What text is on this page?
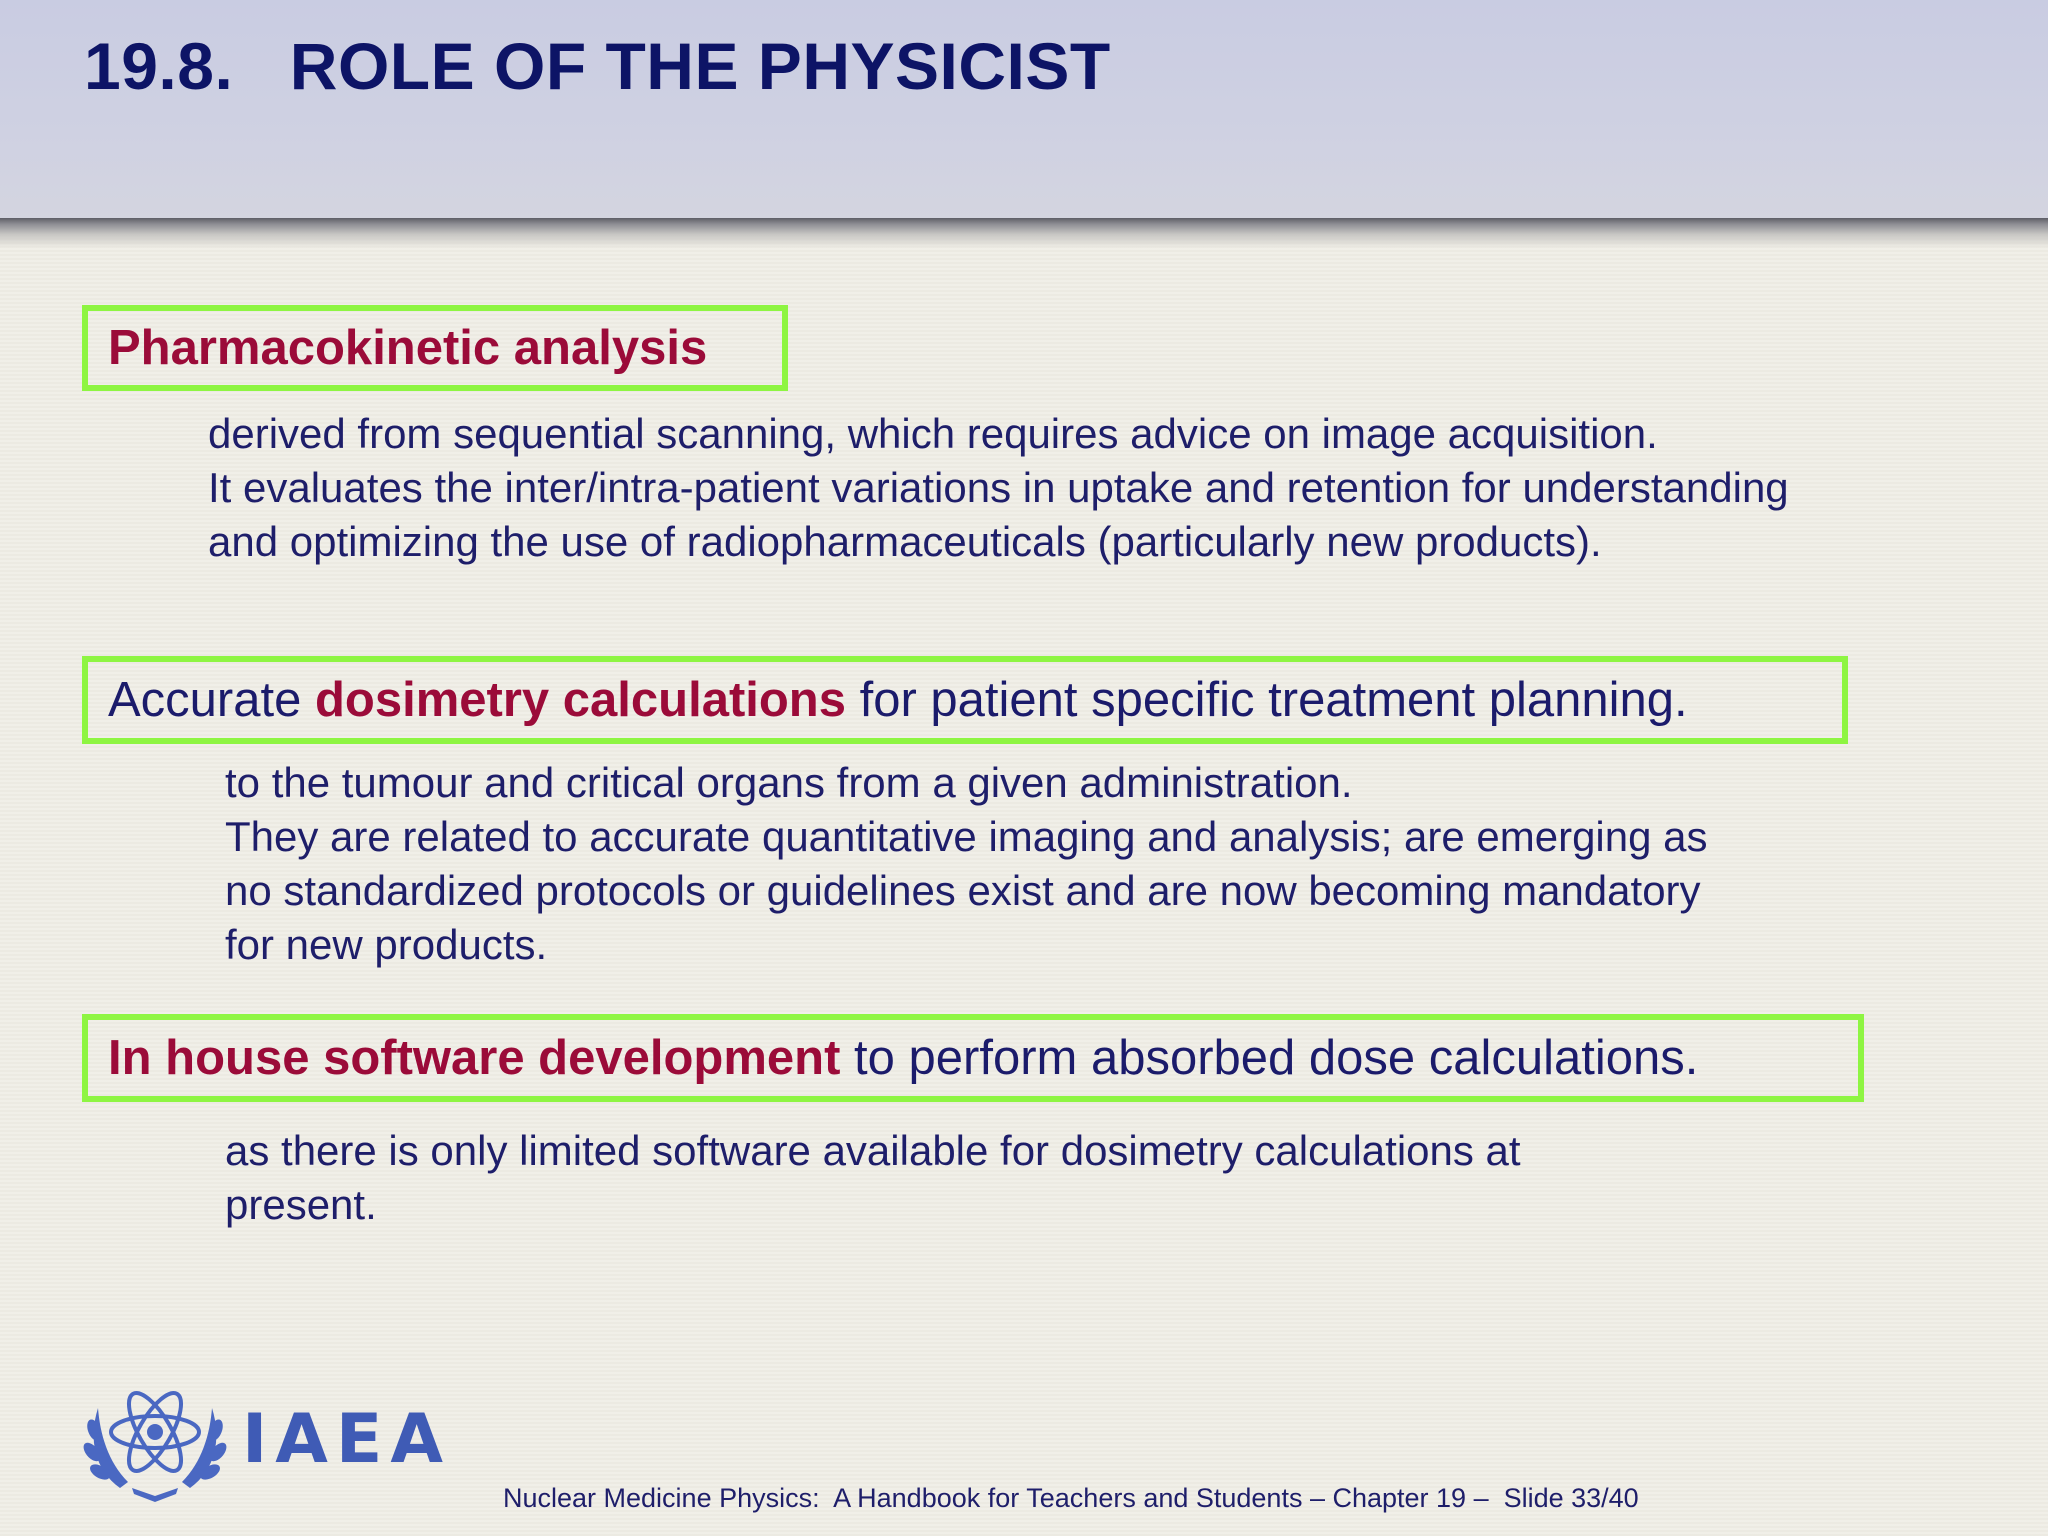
19.8.   ROLE OF THE PHYSICIST
Pharmacokinetic analysis

derived from sequential scanning, which requires advice on image acquisition.
It evaluates the inter/intra-patient variations in uptake and retention for understanding
and optimizing the use of radiopharmaceuticals (particularly new products).

Accurate dosimetry calculations for patient specific treatment planning.

to the tumour and critical organs from a given administration.
They are related to accurate quantitative imaging and analysis; are emerging as
no standardized protocols or guidelines exist and are now becoming mandatory
for new products.

In house software development to perform absorbed dose calculations.

as there is only limited software available for dosimetry calculations at
present.

IAEA
Nuclear Medicine Physics:  A Handbook for Teachers and Students – Chapter 19 –  Slide 33/40
